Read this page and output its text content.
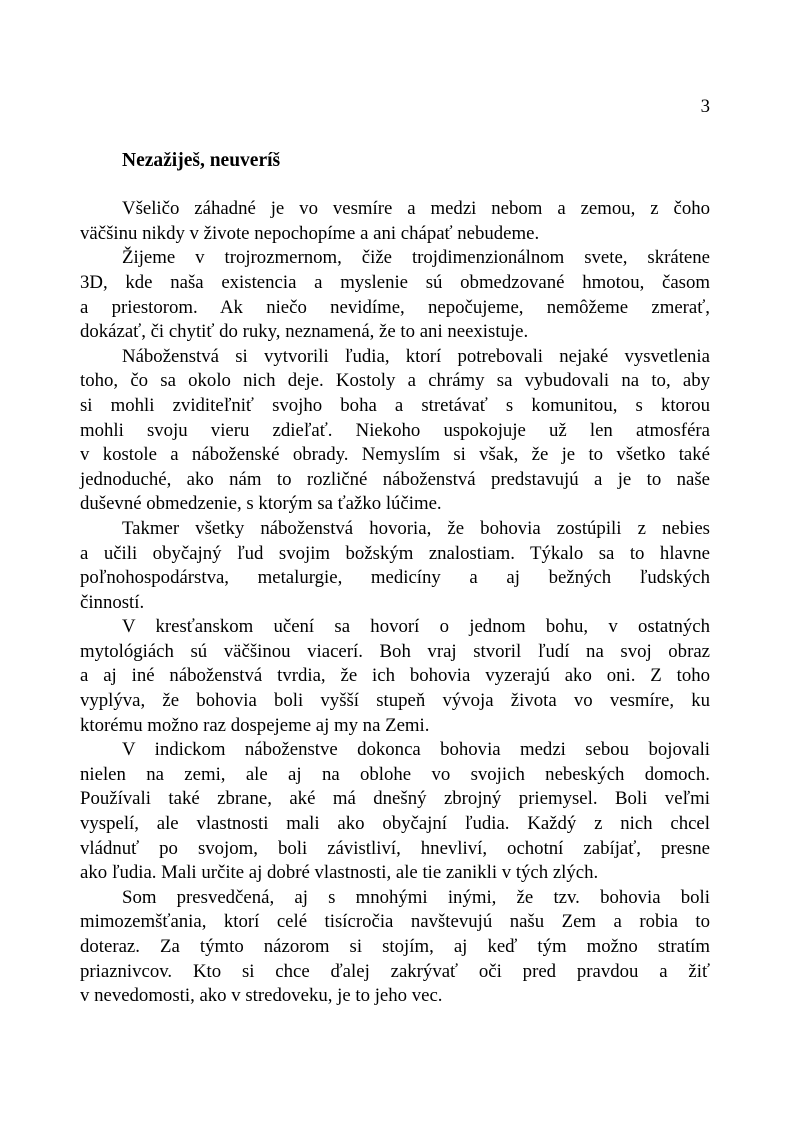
3
Nezažiješ, neuveríš
Všeličo záhadné je vo vesmíre a medzi nebom a zemou, z čoho
väčšinu nikdy v živote nepochopíme a ani chápať nebudeme.
Žijeme v trojrozmernom, čiže trojdimenzionálnom svete, skrátene
3D, kde naša existencia a myslenie sú obmedzované hmotou, časom
a priestorom. Ak niečo nevidíme, nepočujeme, nemôžeme zmerať,
dokázať, či chytiť do ruky, neznamená, že to ani neexistuje.
Náboženstvá si vytvorili ľudia, ktorí potrebovali nejaké vysvetlenia
toho, čo sa okolo nich deje. Kostoly a chrámy sa vybudovali na to, aby
si mohli zviditeľniť svojho boha a stretávať s komunitou, s ktorou
mohli svoju vieru zdieľať. Niekoho uspokojuje už len atmosféra
v kostole a náboženské obrady. Nemyslím si však, že je to všetko také
jednoduché, ako nám to rozličné náboženstvá predstavujú a je to naše
duševné obmedzenie, s ktorým sa ťažko lúčime.
Takmer všetky náboženstvá hovoria, že bohovia zostúpili z nebies
a učili obyčajný ľud svojim božským znalostiam. Týkalo sa to hlavne
poľnohospodárstva, metalurgie, medicíny a aj bežných ľudských
činností.
V kresťanskom učení sa hovorí o jednom bohu, v ostatných
mytológiách sú väčšinou viacerí. Boh vraj stvoril ľudí na svoj obraz
a aj iné náboženstvá tvrdia, že ich bohovia vyzerajú ako oni. Z toho
vyplýva, že bohovia boli vyšší stupeň vývoja života vo vesmíre, ku
ktorému možno raz dospejeme aj my na Zemi.
V indickom náboženstve dokonca bohovia medzi sebou bojovali
nielen na zemi, ale aj na oblohe vo svojich nebeských domoch.
Používali také zbrane, aké má dnešný zbrojný priemysel. Boli veľmi
vyspelí, ale vlastnosti mali ako obyčajní ľudia. Každý z nich chcel
vládnuť po svojom, boli závistliví, hnevliví, ochotní zabíjať, presne
ako ľudia. Mali určite aj dobré vlastnosti, ale tie zanikli v tých zlých.
Som presvedčená, aj s mnohými inými, že tzv. bohovia boli
mimozemšťania, ktorí celé tisícročia navštevujú našu Zem a robia to
doteraz. Za týmto názorom si stojím, aj keď tým možno stratím
priaznivcov. Kto si chce ďalej zakrývať oči pred pravdou a žiť
v nevedomosti, ako v stredoveku, je to jeho vec.
